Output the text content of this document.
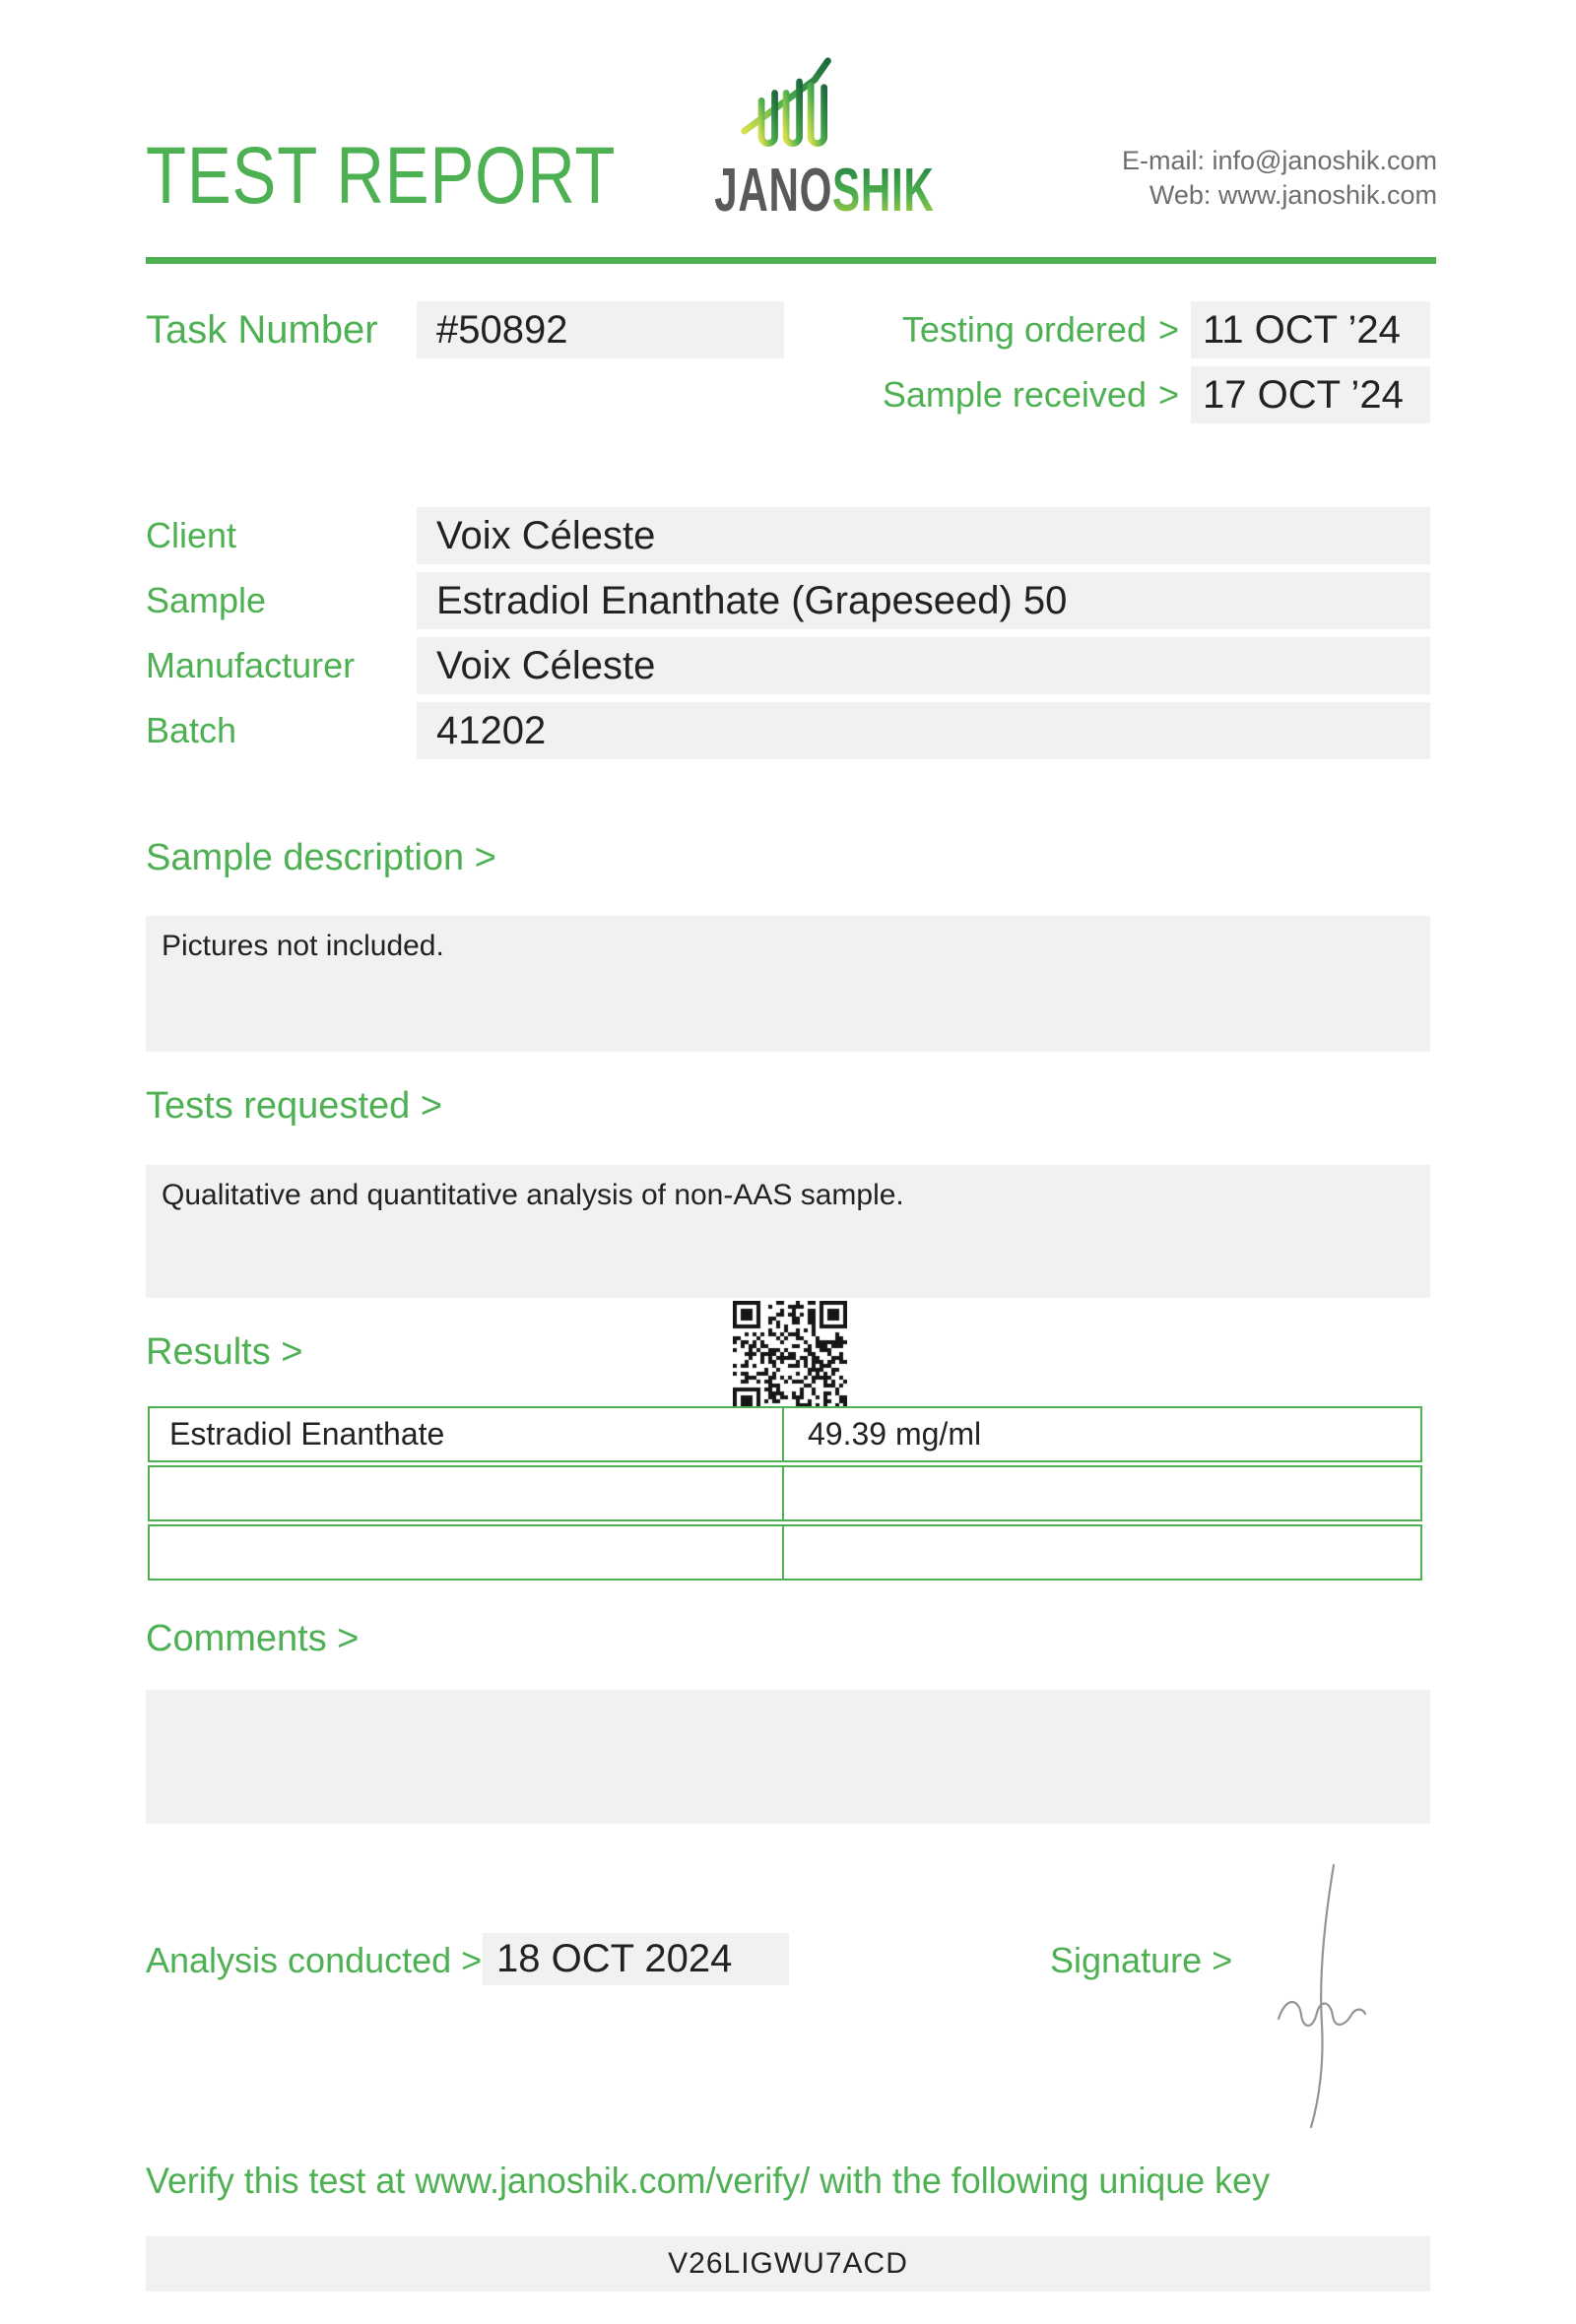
TEST REPORT JANOSHIK	E-mail: info@janoshik.com
Web: www.janoshik.com
Task Number	#50892	Testing ordered > 11 OCT ’24
Sample received > 17 OCT ’24
Client	Voix Céleste
Sample	Estradiol Enanthate (Grapeseed) 50
Manufacturer	Voix Céleste
Batch	41202
Sample description >
Pictures not included.
Tests requested >
Qualitative and quantitative analysis of non-AAS sample.
Results >
Estradiol Enanthate	49.39 mg/ml
Comments >
Analysis conducted > 18 OCT 2024	Signature >
Verify this test at www.janoshik.com/verify/ with the following unique key
V26LIGWU7ACD
